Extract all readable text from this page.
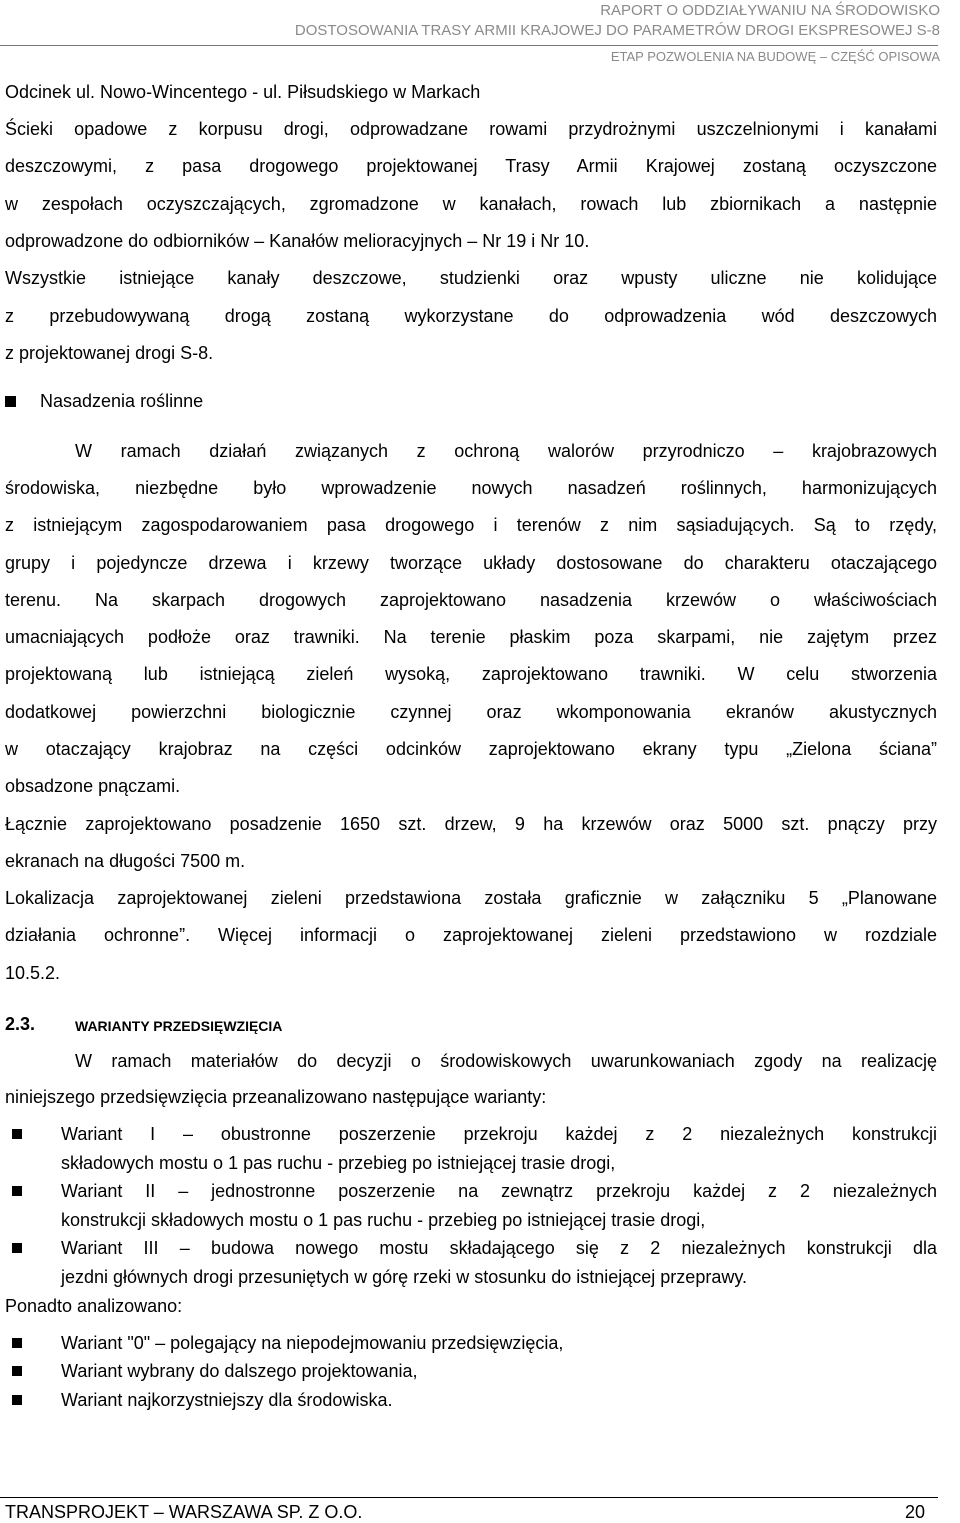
RAPORT O ODDZIAŁYWANIU NA ŚRODOWISKO
DOSTOSOWANIA TRASY ARMII KRAJOWEJ DO PARAMETRÓW DROGI EKSPRESOWEJ S-8
ETAP POZWOLENIA NA BUDOWĘ – CZĘŚĆ OPISOWA
Odcinek ul. Nowo-Wincentego - ul. Piłsudskiego w Markach
Ścieki opadowe z korpusu drogi, odprowadzane rowami przydrożnymi uszczelnionymi i kanałami
deszczowymi, z pasa drogowego projektowanej Trasy Armii Krajowej zostaną oczyszczone
w zespołach oczyszczających, zgromadzone w kanałach, rowach lub zbiornikach a następnie
odprowadzone do odbiorników – Kanałów melioracyjnych – Nr 19 i Nr 10.
Wszystkie istniejące kanały deszczowe, studzienki oraz wpusty uliczne nie kolidujące
z przebudowywaną drogą zostaną wykorzystane do odprowadzenia wód deszczowych
z projektowanej drogi S-8.
Nasadzenia roślinne
W ramach działań związanych z ochroną walorów przyrodniczo – krajobrazowych
środowiska, niezbędne było wprowadzenie nowych nasadzeń roślinnych, harmonizujących
z istniejącym zagospodarowaniem pasa drogowego i terenów z nim sąsiadujących. Są to rzędy,
grupy i pojedyncze drzewa i krzewy tworzące układy dostosowane do charakteru otaczającego
terenu. Na skarpach drogowych zaprojektowano nasadzenia krzewów o właściwościach
umacniających podłoże oraz trawniki. Na terenie płaskim poza skarpami, nie zajętym przez
projektowaną lub istniejącą zieleń wysoką, zaprojektowano trawniki. W celu stworzenia
dodatkowej powierzchni biologicznie czynnej oraz wkomponowania ekranów akustycznych
w otaczający krajobraz na części odcinków zaprojektowano ekrany typu „Zielona ściana”
obsadzone pnączami.
Łącznie zaprojektowano posadzenie 1650 szt. drzew, 9 ha krzewów oraz 5000 szt. pnączy przy
ekranach na długości 7500 m.
Lokalizacja zaprojektowanej zieleni przedstawiona została graficznie w załączniku 5 „Planowane
działania ochronne”. Więcej informacji o zaprojektowanej zieleni przedstawiono w rozdziale
10.5.2.
2.3.	WARIANTY PRZEDSIĘWZIĘCIA
W ramach materiałów do decyzji o środowiskowych uwarunkowaniach zgody na realizację
niniejszego przedsięwzięcia przeanalizowano następujące warianty:
Wariant I – obustronne poszerzenie przekroju każdej z 2 niezależnych konstrukcji
składowych mostu o 1 pas ruchu - przebieg po istniejącej trasie drogi,
Wariant II – jednostronne poszerzenie na zewnątrz przekroju każdej z 2 niezależnych
konstrukcji składowych mostu o 1 pas ruchu - przebieg po istniejącej trasie drogi,
Wariant III – budowa nowego mostu składającego się z 2 niezależnych konstrukcji dla
jezdni głównych drogi przesuniętych w górę rzeki w stosunku do istniejącej przeprawy.
Ponadto analizowano:
Wariant "0" – polegający na niepodejmowaniu przedsięwzięcia,
Wariant wybrany do dalszego projektowania,
Wariant najkorzystniejszy dla środowiska.
TRANSPROJEKT – WARSZAWA SP. Z O.O.	20
